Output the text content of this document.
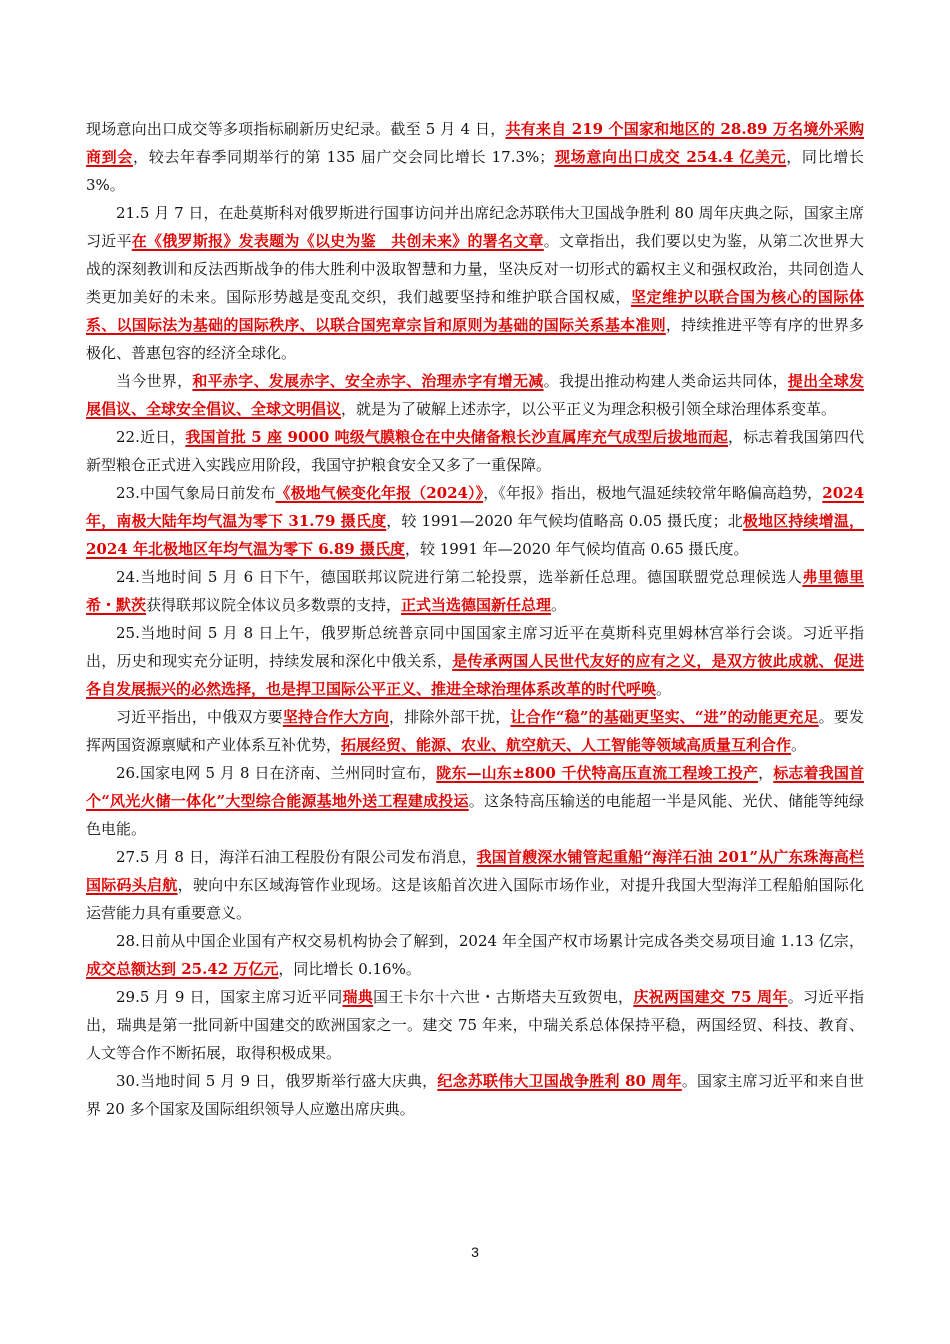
现场意向出口成交等多项指标刷新历史纪录。截至 5 月 4 日，共有来自 219 个国家和地区的 28.89 万名境外采购商到会，较去年春季同期举行的第 135 届广交会同比增长 17.3%；现场意向出口成交 254.4 亿美元，同比增长 3%。

21.5 月 7 日，在赴莫斯科对俄罗斯进行国事访问并出席纪念苏联伟大卫国战争胜利 80 周年庆典之际，国家主席习近平在《俄罗斯报》发表题为《以史为鉴　共创未来》的署名文章。文章指出，我们要以史为鉴，从第二次世界大战的深刻教训和反法西斯战争的伟大胜利中汲取智慧和力量，坚决反对一切形式的霸权主义和强权政治，共同创造人类更加美好的未来。国际形势越是变乱交织，我们越要坚持和维护联合国权威，坚定维护以联合国为核心的国际体系、以国际法为基础的国际秩序、以联合国宪章宗旨和原则为基础的国际关系基本准则，持续推进平等有序的世界多极化、普惠包容的经济全球化。

当今世界，和平赤字、发展赤字、安全赤字、治理赤字有增无减。我提出推动构建人类命运共同体，提出全球发展倡议、全球安全倡议、全球文明倡议，就是为了破解上述赤字，以公平正义为理念积极引领全球治理体系变革。

22.近日，我国首批 5 座 9000 吨级气膜粮仓在中央储备粮长沙直属库充气成型后拔地而起，标志着我国第四代新型粮仓正式进入实践应用阶段，我国守护粮食安全又多了一重保障。

23.中国气象局日前发布《极地气候变化年报（2024）》，《年报》指出，极地气温延续较常年略偏高趋势，2024 年，南极大陆年均气温为零下 31.79 摄氏度，较 1991—2020 年气候均值略高 0.05 摄氏度；北极地区持续增温，2024 年北极地区年均气温为零下 6.89 摄氏度，较 1991 年—2020 年气候均值高 0.65 摄氏度。

24.当地时间 5 月 6 日下午，德国联邦议院进行第二轮投票，选举新任总理。德国联盟党总理候选人弗里德里希・默茨获得联邦议院全体议员多数票的支持，正式当选德国新任总理。

25.当地时间 5 月 8 日上午，俄罗斯总统普京同中国国家主席习近平在莫斯科克里姆林宫举行会谈。习近平指出，历史和现实充分证明，持续发展和深化中俄关系，是传承两国人民世代友好的应有之义，是双方彼此成就、促进各自发展振兴的必然选择，也是捍卫国际公平正义、推进全球治理体系改革的时代呼唤。

习近平指出，中俄双方要坚持合作大方向，排除外部干扰，让合作“稳”的基础更坚实、“进”的动能更充足。要发挥两国资源禀赋和产业体系互补优势，拓展经贸、能源、农业、航空航天、人工智能等领域高质量互利合作。

26.国家电网 5 月 8 日在济南、兰州同时宣布，陇东—山东±800 千伏特高压直流工程竣工投产，标志着我国首个“风光火储一体化”大型综合能源基地外送工程建成投运。这条特高压输送的电能超一半是风能、光伏、储能等纯绿色电能。

27.5 月 8 日，海洋石油工程股份有限公司发布消息，我国首艘深水铺管起重船“海洋石油 201”从广东珠海高栏国际码头启航，驶向中东区域海管作业现场。这是该船首次进入国际市场作业，对提升我国大型海洋工程船舶国际化运营能力具有重要意义。

28.日前从中国企业国有产权交易机构协会了解到，2024 年全国产权市场累计完成各类交易项目逾 1.13 亿宗，成交总额达到 25.42 万亿元，同比增长 0.16%。

29.5 月 9 日，国家主席习近平同瑞典国王卡尔十六世・古斯塔夫互致贺电，庆祝两国建交 75 周年。习近平指出，瑞典是第一批同新中国建交的欧洲国家之一。建交 75 年来，中瑞关系总体保持平稳，两国经贸、科技、教育、人文等合作不断拓展，取得积极成果。

30.当地时间 5 月 9 日，俄罗斯举行盛大庆典，纪念苏联伟大卫国战争胜利 80 周年。国家主席习近平和来自世界 20 多个国家及国际组织领导人应邀出席庆典。

3
